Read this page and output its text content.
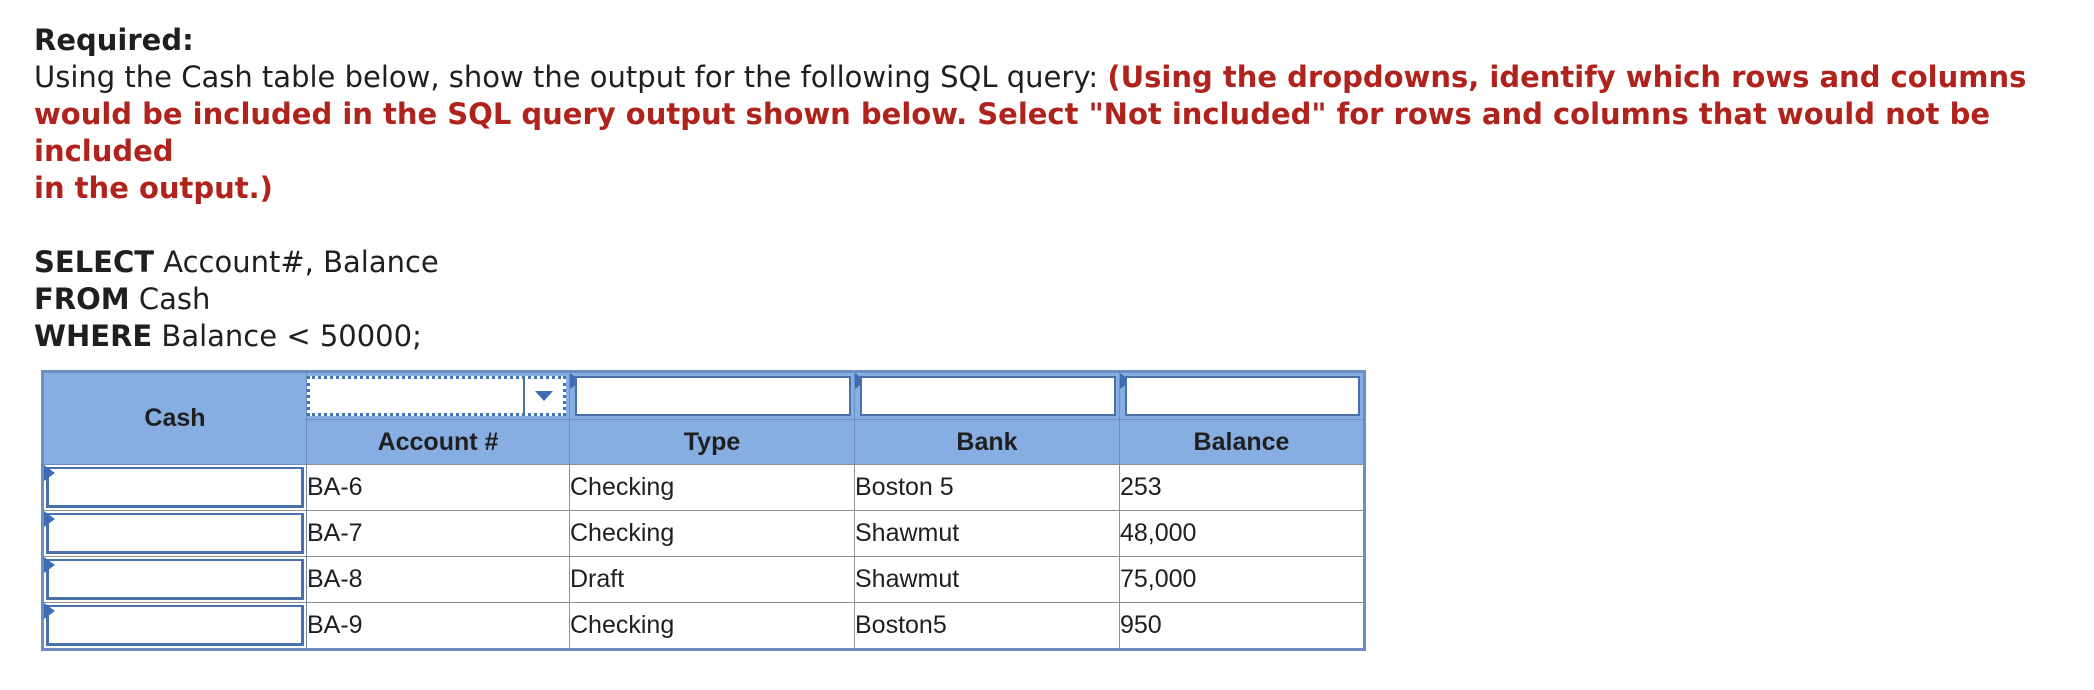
Required:

Using the Cash table below, show the output for the following SQL query: (Using the dropdowns, identify which rows and columns
would be included in the SQL query output shown below. Select "Not included" for rows and columns that would not be included
in the output.)

SELECT Account#, Balance

FROM Cash

WHERE Balance < 50000;

Cash	

	Account #	Type	Bank	Balance

	BA-6	Checking	Boston 5	253

	BA-7	Checking	Shawmut	48,000

	BA-8	Draft	Shawmut	75,000

	BA-9	Checking	Boston5	950
